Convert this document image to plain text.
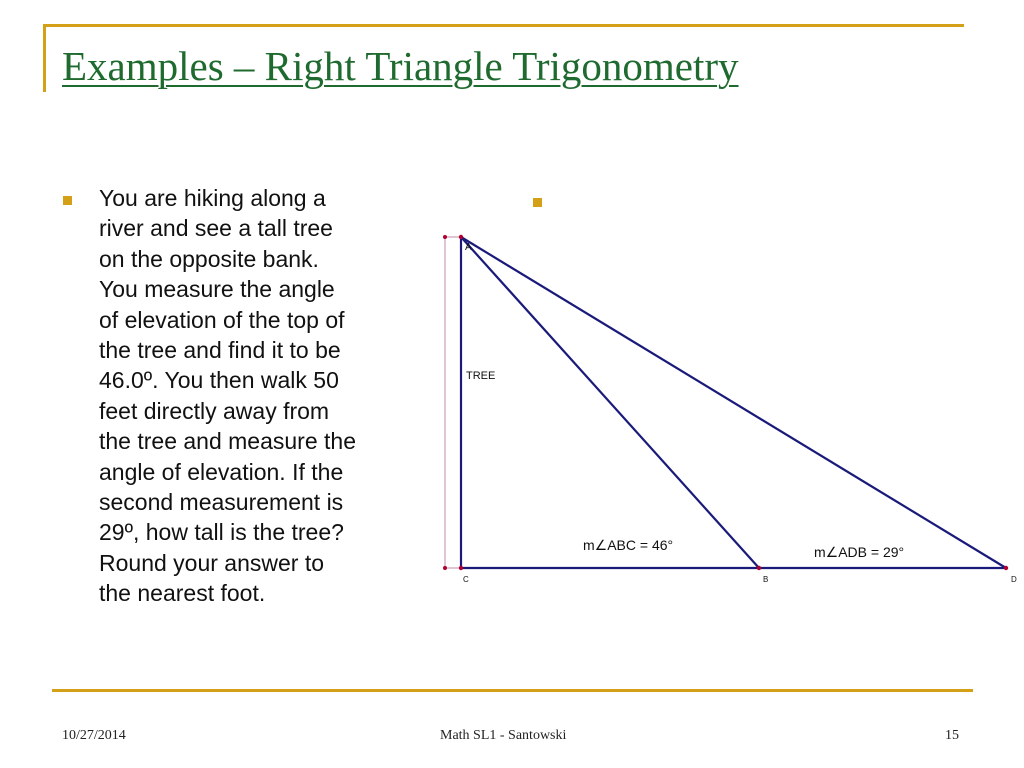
Examples – Right Triangle Trigonometry

You are hiking along a
river and see a tall tree
on the opposite bank.
You measure the angle
of elevation of the top of
the tree and find it to be
46.0º. You then walk 50
feet directly away from
the tree and measure the
angle of elevation. If the
second measurement is
29º, how tall is the tree?
Round your answer to
the nearest foot.

A
TREE
C	B	D
m∠ABC = 46°	m∠ADB = 29°

10/27/2014	Math SL1 - Santowski	15
